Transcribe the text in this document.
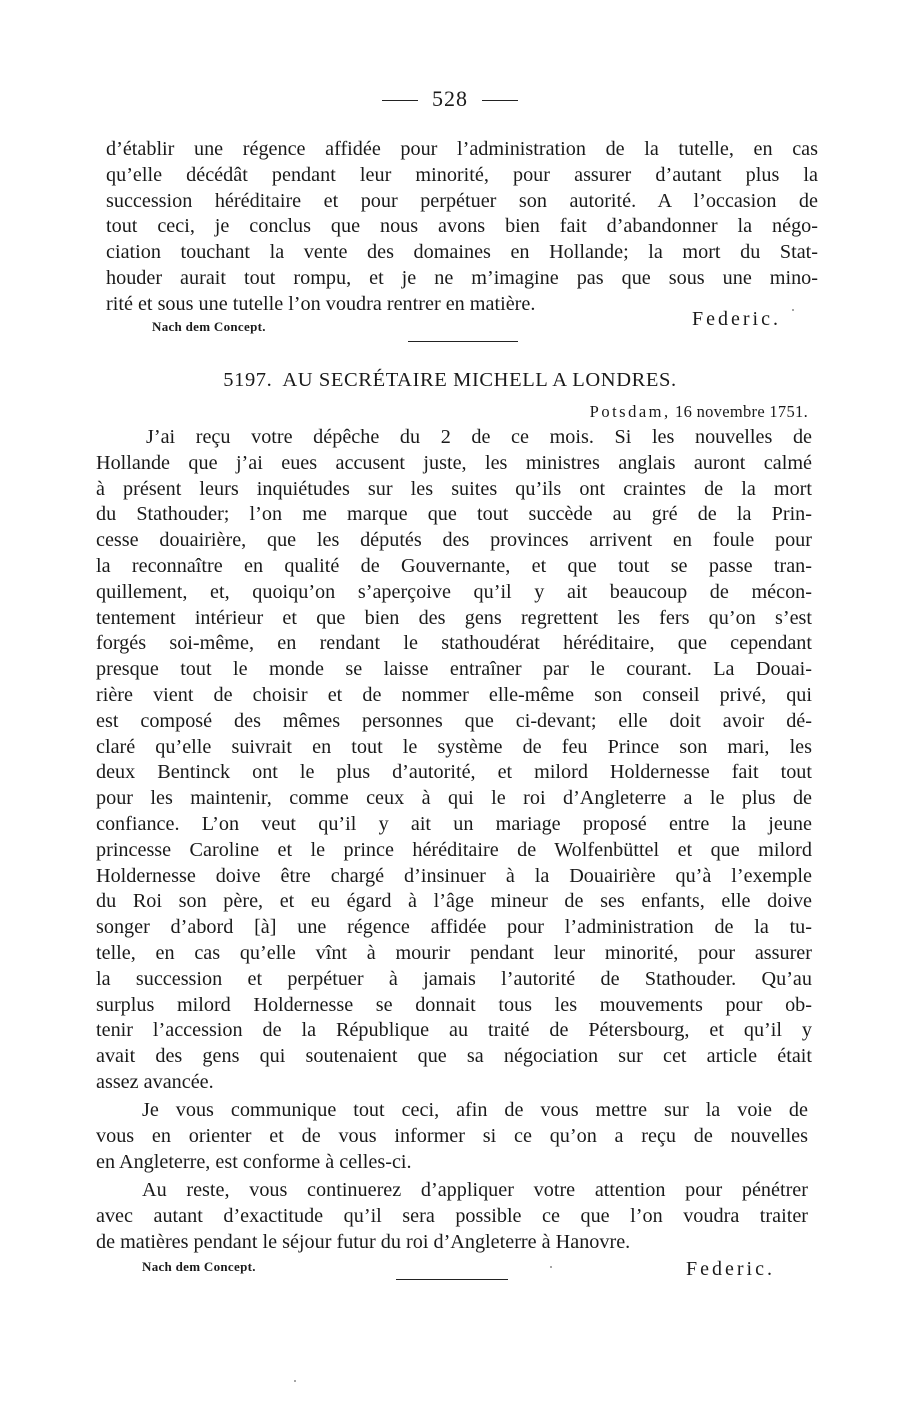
528
d’établir une régence affidée pour l’administration de la tutelle, en cas
qu’elle décédât pendant leur minorité, pour assurer d’autant plus la
succession héréditaire et pour perpétuer son autorité. A l’occasion de
tout ceci, je conclus que nous avons bien fait d’abandonner la négo-
ciation touchant la vente des domaines en Hollande; la mort du Stat-
houder aurait tout rompu, et je ne m’imagine pas que sous une mino-
rité et sous une tutelle l’on voudra rentrer en matière.
Nach dem Concept.	Federic.
5197. AU SECRÉTAIRE MICHELL A LONDRES.
Potsdam, 16 novembre 1751.
J’ai reçu votre dépêche du 2 de ce mois. Si les nouvelles de
Hollande que j’ai eues accusent juste, les ministres anglais auront calmé
à présent leurs inquiétudes sur les suites qu’ils ont craintes de la mort
du Stathouder; l’on me marque que tout succède au gré de la Prin-
cesse douairière, que les députés des provinces arrivent en foule pour
la reconnaître en qualité de Gouvernante, et que tout se passe tran-
quillement, et, quoiqu’on s’aperçoive qu’il y ait beaucoup de mécon-
tentement intérieur et que bien des gens regrettent les fers qu’on s’est
forgés soi-même, en rendant le stathoudérat héréditaire, que cependant
presque tout le monde se laisse entraîner par le courant. La Douai-
rière vient de choisir et de nommer elle-même son conseil privé, qui
est composé des mêmes personnes que ci-devant; elle doit avoir dé-
claré qu’elle suivrait en tout le système de feu Prince son mari, les
deux Bentinck ont le plus d’autorité, et milord Holdernesse fait tout
pour les maintenir, comme ceux à qui le roi d’Angleterre a le plus de
confiance. L’on veut qu’il y ait un mariage proposé entre la jeune
princesse Caroline et le prince héréditaire de Wolfenbüttel et que milord
Holdernesse doive être chargé d’insinuer à la Douairière qu’à l’exemple
du Roi son père, et eu égard à l’âge mineur de ses enfants, elle doive
songer d’abord [à] une régence affidée pour l’administration de la tu-
telle, en cas qu’elle vînt à mourir pendant leur minorité, pour assurer
la succession et perpétuer à jamais l’autorité de Stathouder. Qu’au
surplus milord Holdernesse se donnait tous les mouvements pour ob-
tenir l’accession de la République au traité de Pétersbourg, et qu’il y
avait des gens qui soutenaient que sa négociation sur cet article était
assez avancée.
Je vous communique tout ceci, afin de vous mettre sur la voie de
vous en orienter et de vous informer si ce qu’on a reçu de nouvelles
en Angleterre, est conforme à celles-ci.
Au reste, vous continuerez d’appliquer votre attention pour pénétrer
avec autant d’exactitude qu’il sera possible ce que l’on voudra traiter
de matières pendant le séjour futur du roi d’Angleterre à Hanovre.
Nach dem Concept.	Federic.
